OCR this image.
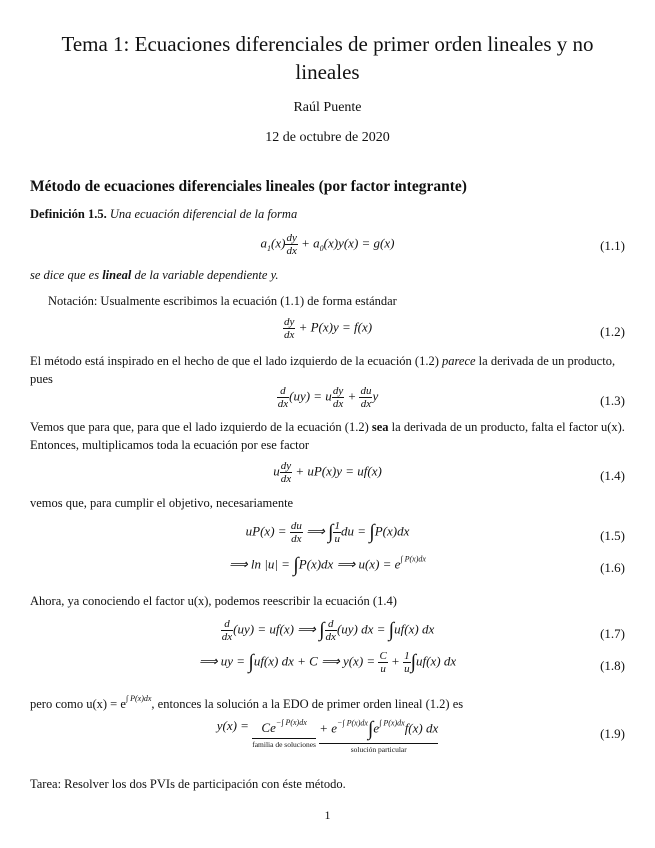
Tema 1: Ecuaciones diferenciales de primer orden lineales y no lineales
Raúl Puente
12 de octubre de 2020
Método de ecuaciones diferenciales lineales (por factor integrante)
Definición 1.5. Una ecuación diferencial de la forma
$a_1(x) \frac{dy}{dx} + a_0(x)y(x) = g(x)$	(1.1)
se dice que es lineal de la variable dependiente y.
Notación: Usualmente escribimos la ecuación (1.1) de forma estándar
$\frac{dy}{dx} + P(x)y = f(x)$	(1.2)
El método está inspirado en el hecho de que el lado izquierdo de la ecuación (1.2) parece la derivada de un producto, pues
$\frac{d}{dx} (uy) = u \frac{dy}{dx} + \frac{du}{dx}$ y	(1.3)
Vemos que para que, para que el lado izquierdo de la ecuación (1.2) sea la derivada de un producto, falta el factor u(x). Entonces, multiplicamos toda la ecuación por ese factor
u $\frac{dy}{dx} + uP(x)y = uf(x)$	(1.4)
vemos que, para cumplir el objetivo, necesariamente
$uP(x) = \frac{du}{dx}$ ⟹ ∫ $\frac{1}{u}$ du = ∫P(x)dx	(1.5)
⟹ ln |u| = ∫P(x)dx ⟹ $u(x) = e^{\int P(x)dx}$
(1.6)
Ahora, ya conociendo el factor u(x), podemos reescribir la ecuación (1.4)
$\frac{d}{dx} (uy) = uf(x)$ ⟹ ∫ $\frac{d}{dx} (uy)$ dx = ∫uf(x) dx	(1.7)
⟹ uy = ∫uf(x) dx + C ⟹ $y(x) = \frac{C}{u} + \frac{1}{u} \int uf(x)$ dx	(1.8)
pero como $u(x) = e^{\int P(x)dx}$, entonces la solución a la EDO de primer orden lineal (1.2) es
$y(x) = Ce^{-\int P(x)dx}$
familia de soluciones
+ $e^{-\int P(x)dx}\int e^{\int P(x)dx}f(x)$ dx
solución particular
(1.9)
Tarea: Resolver los dos PVIs de participación con éste método.
1
